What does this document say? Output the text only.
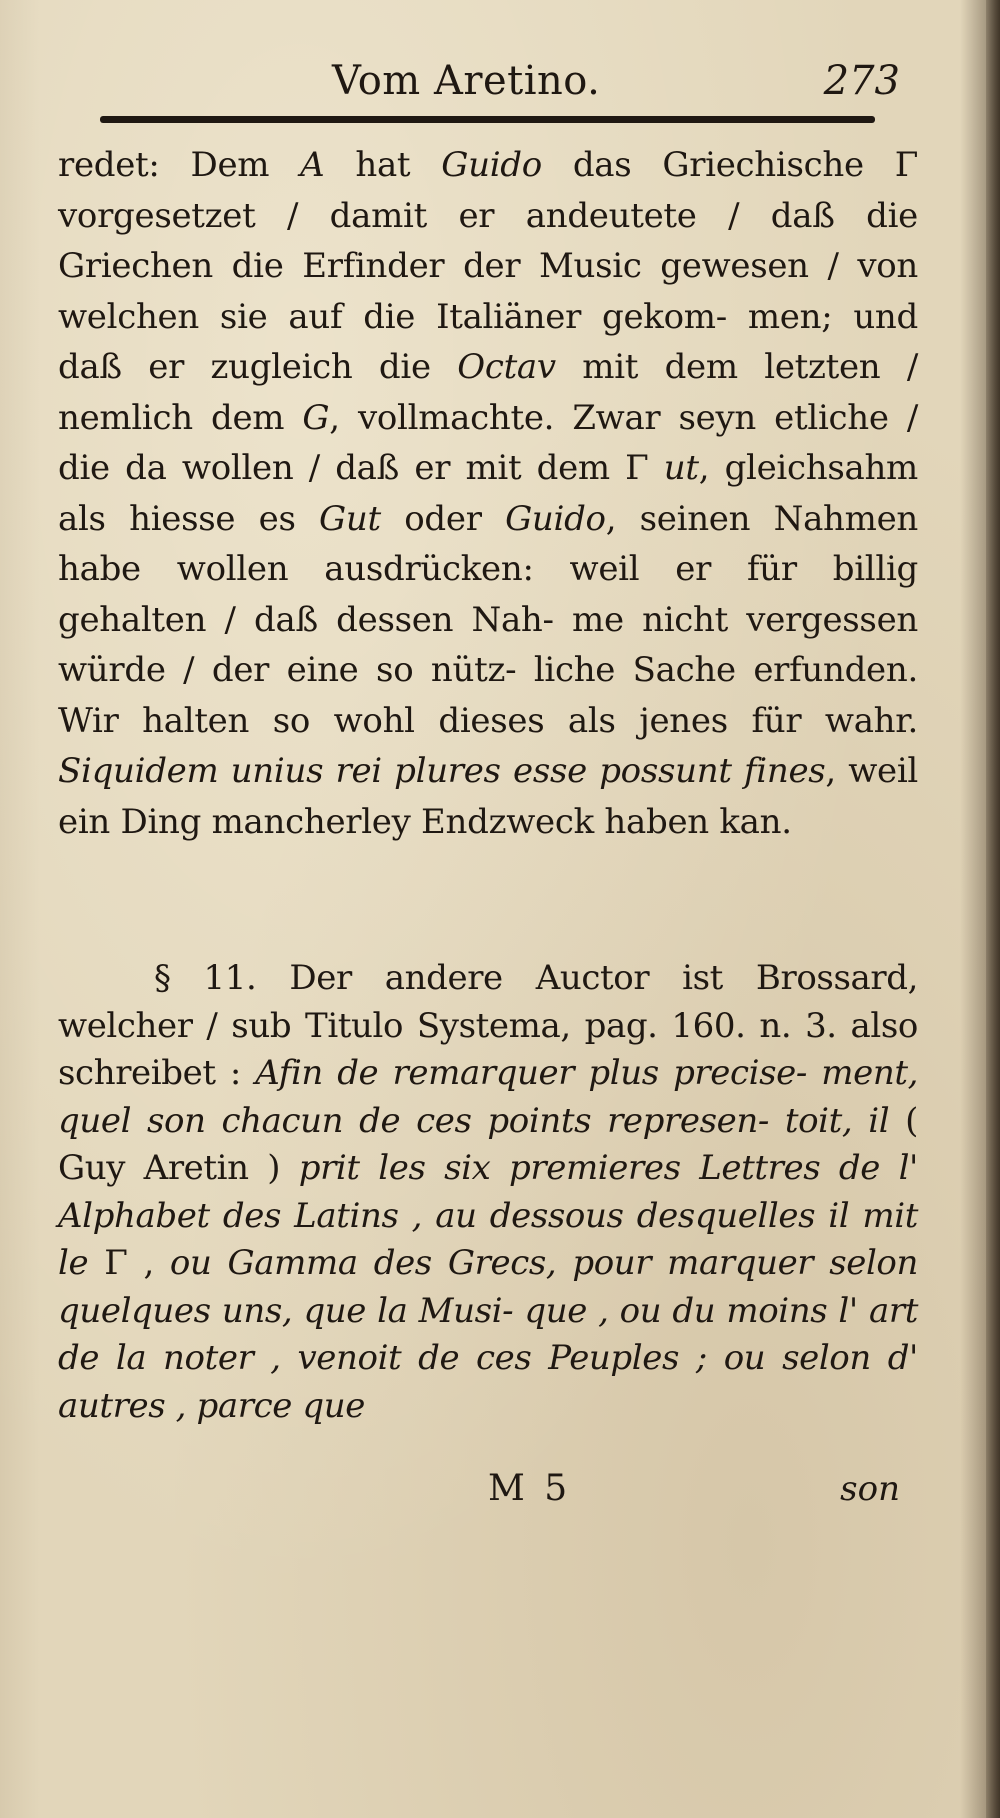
Vom Aretino.	273

redet: Dem A hat Guido das Griechische Γ vorgesetzet / damit er andeutete / daß die Griechen die Erfinder der Music gewesen / von welchen sie auf die Italiäner gekom- men; und daß er zugleich die Octav mit dem letzten / nemlich dem G, vollmachte. Zwar seyn etliche / die da wollen / daß er mit dem Γ ut, gleichsahm als hiesse es Gut oder Guido, seinen Nahmen habe wollen ausdrücken: weil er für billig gehalten / daß dessen Nah- me nicht vergessen würde / der eine so nütz- liche Sache erfunden. Wir halten so wohl dieses als jenes für wahr. Siquidem unius rei plures esse possunt fines, weil ein Ding mancherley Endzweck haben kan.

§ 11. Der andere Auctor ist Brossard, welcher / sub Titulo Systema, pag. 160. n. 3. also schreibet : Afin de remarquer plus precise- ment, quel son chacun de ces points represen- toit, il ( Guy Aretin ) prit les six premieres Lettres de l' Alphabet des Latins , au dessous desquelles il mit le Γ , ou Gamma des Grecs, pour marquer selon quelques uns, que la Musi- que , ou du moins l' art de la noter , venoit de ces Peuples ; ou selon d' autres , parce que

M 5	son
